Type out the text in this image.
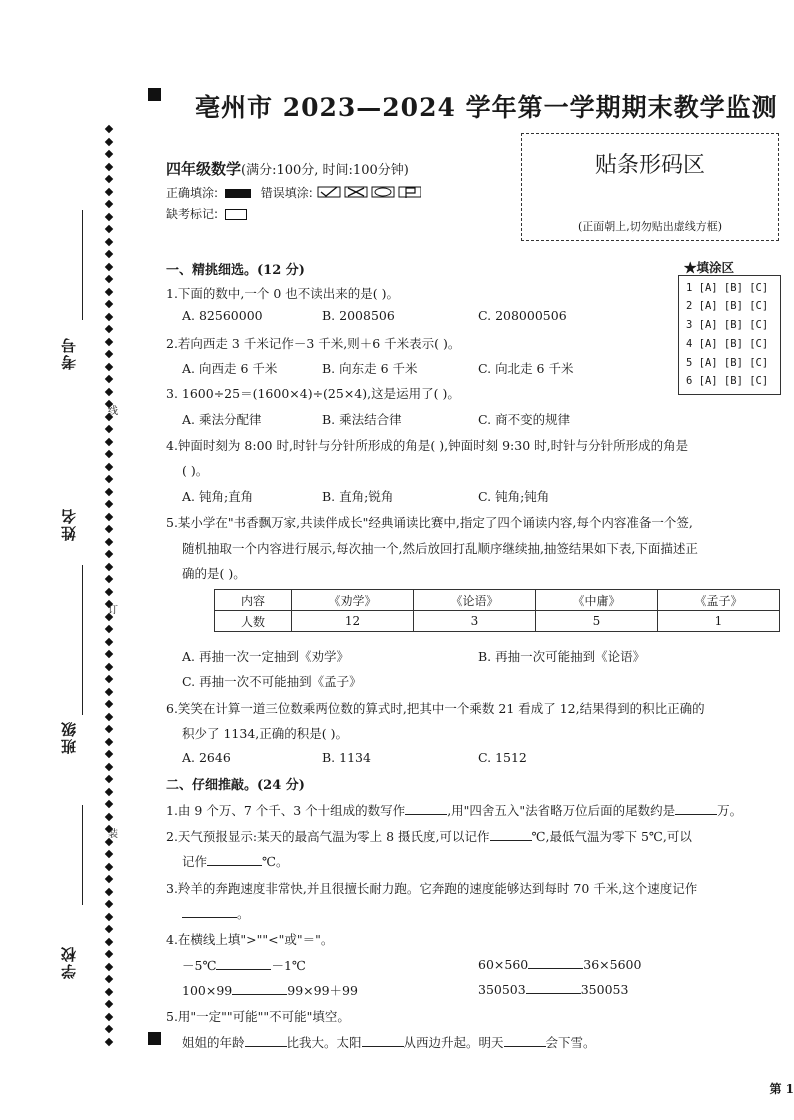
考号
姓名
班级
学校
线
订
装
亳州市 2023—2024 学年第一学期期末教学监测
四年级数学(满分:100分, 时间:100分钟)
正确填涂:	错误填涂:
缺考标记:
贴条形码区
(正面朝上,切勿贴出虚线方框)
★填涂区
1 [A] [B] [C]
2 [A] [B] [C]
3 [A] [B] [C]
4 [A] [B] [C]
5 [A] [B] [C]
6 [A] [B] [C]
一、精挑细选。(12 分)
1.下面的数中,一个 0 也不读出来的是( )。
A. 82560000	B. 2008506	C. 208000506
2.若向西走 3 千米记作－3 千米,则＋6 千米表示( )。
A. 向西走 6 千米	B. 向东走 6 千米	C. 向北走 6 千米
3. 1600÷25＝(1600×4)÷(25×4),这是运用了( )。
A. 乘法分配律	B. 乘法结合律	C. 商不变的规律
4.钟面时刻为 8:00 时,时针与分针所形成的角是( ),钟面时刻 9:30 时,时针与分针所形成的角是
( )。
A. 钝角;直角	B. 直角;锐角	C. 钝角;钝角
5.某小学在"书香飘万家,共读伴成长"经典诵读比赛中,指定了四个诵读内容,每个内容准备一个签,
随机抽取一个内容进行展示,每次抽一个,然后放回打乱顺序继续抽,抽签结果如下表,下面描述正
确的是( )。
内容	《劝学》	《论语》	《中庸》	《孟子》
人数	12	3	5	1
A. 再抽一次一定抽到《劝学》	B. 再抽一次可能抽到《论语》
C. 再抽一次不可能抽到《孟子》
6.笑笑在计算一道三位数乘两位数的算式时,把其中一个乘数 21 看成了 12,结果得到的积比正确的
积少了 1134,正确的积是( )。
A. 2646	B. 1134	C. 1512
二、仔细推敲。(24 分)
1.由 9 个万、7 个千、3 个十组成的数写作	,用"四舍五入"法省略万位后面的尾数约是	万。
2.天气预报显示:某天的最高气温为零上 8 摄氏度,可以记作	℃,最低气温为零下 5℃,可以
记作	℃。
3.羚羊的奔跑速度非常快,并且很擅长耐力跑。它奔跑的速度能够达到每时 70 千米,这个速度记作
。
4.在横线上填">""<"或"＝"。
－5℃	－1℃	60×560	36×5600
100×99	99×99＋99	350503	350053
5.用"一定""可能""不可能"填空。
姐姐的年龄	比我大。太阳	从西边升起。明天	会下雪。
第 1
